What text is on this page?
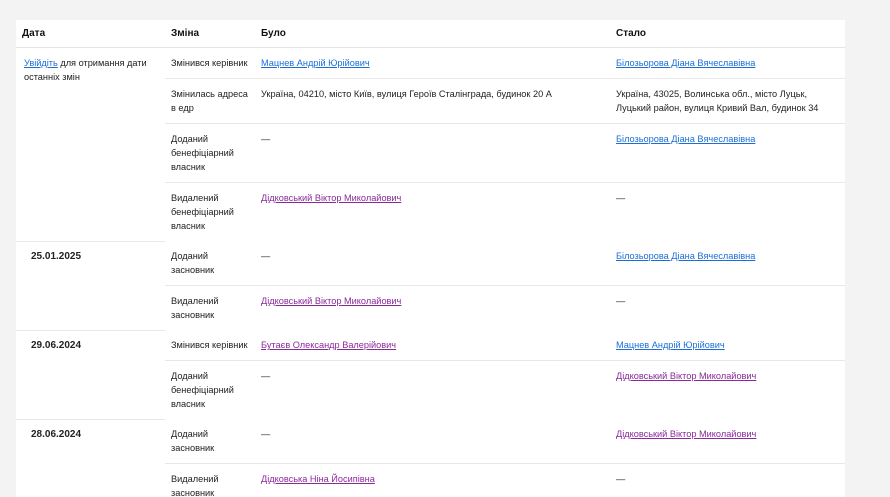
Дата	Зміна	Було	Стало
Увійдіть для отримання дати останніх змін	Змінився керівник	Мацнев Андрій Юрійович	Білозьорова Діана Вячеславівна
	Змінилась адреса в едр	Україна, 04210, місто Київ, вулиця Героїв Сталінграда, будинок 20 А	Україна, 43025, Волинська обл., місто Луцьк, Луцький район, вулиця Кривий Вал, будинок 34
	Доданий бенефіціарний власник	—	Білозьорова Діана Вячеславівна
	Видалений бенефіціарний власник	Дідковський Віктор Миколайович	—
25.01.2025	Доданий засновник	—	Білозьорова Діана Вячеславівна
	Видалений засновник	Дідковський Віктор Миколайович	—
29.06.2024	Змінився керівник	Бутаєв Олександр Валерійович	Мацнев Андрій Юрійович
	Доданий бенефіціарний власник	—	Дідковський Віктор Миколайович
28.06.2024	Доданий засновник	—	Дідковський Віктор Миколайович
	Видалений засновник	Дідковська Ніна Йосипівна	—
